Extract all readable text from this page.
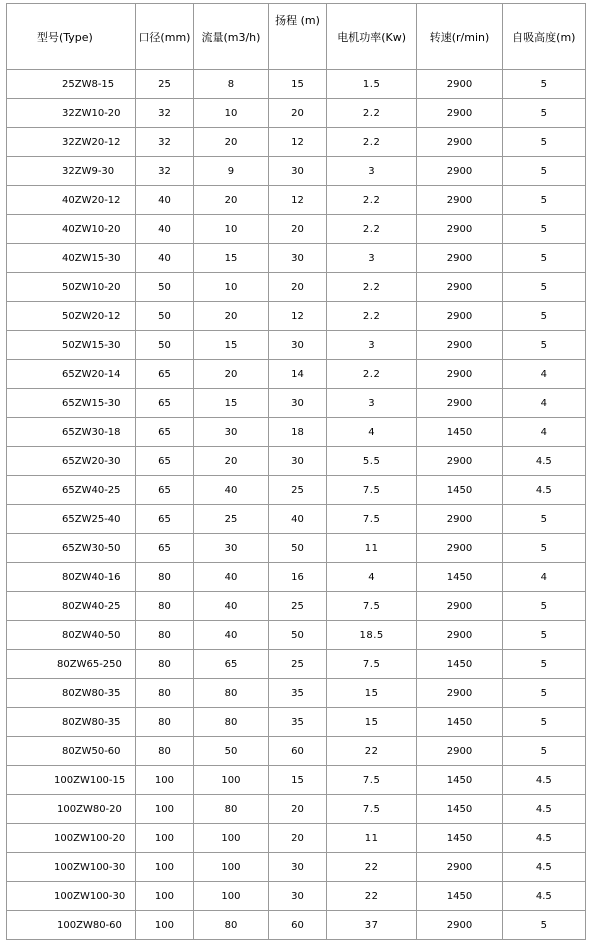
型号(Type)	口径(mm)	流量(m3/h)	扬程 (m)	电机功率(Kw)	转速(r/min)	自吸高度(m)
25ZW8-15	25	8	15	1.5	2900	5
32ZW10-20	32	10	20	2.2	2900	5
32ZW20-12	32	20	12	2.2	2900	5
32ZW9-30	32	9	30	3	2900	5
40ZW20-12	40	20	12	2.2	2900	5
40ZW10-20	40	10	20	2.2	2900	5
40ZW15-30	40	15	30	3	2900	5
50ZW10-20	50	10	20	2.2	2900	5
50ZW20-12	50	20	12	2.2	2900	5
50ZW15-30	50	15	30	3	2900	5
65ZW20-14	65	20	14	2.2	2900	4
65ZW15-30	65	15	30	3	2900	4
65ZW30-18	65	30	18	4	1450	4
65ZW20-30	65	20	30	5.5	2900	4.5
65ZW40-25	65	40	25	7.5	1450	4.5
65ZW25-40	65	25	40	7.5	2900	5
65ZW30-50	65	30	50	11	2900	5
80ZW40-16	80	40	16	4	1450	4
80ZW40-25	80	40	25	7.5	2900	5
80ZW40-50	80	40	50	18.5	2900	5
80ZW65-250	80	65	25	7.5	1450	5
80ZW80-35	80	80	35	15	2900	5
80ZW80-35	80	80	35	15	1450	5
80ZW50-60	80	50	60	22	2900	5
100ZW100-15	100	100	15	7.5	1450	4.5
100ZW80-20	100	80	20	7.5	1450	4.5
100ZW100-20	100	100	20	11	1450	4.5
100ZW100-30	100	100	30	22	2900	4.5
100ZW100-30	100	100	30	22	1450	4.5
100ZW80-60	100	80	60	37	2900	5
